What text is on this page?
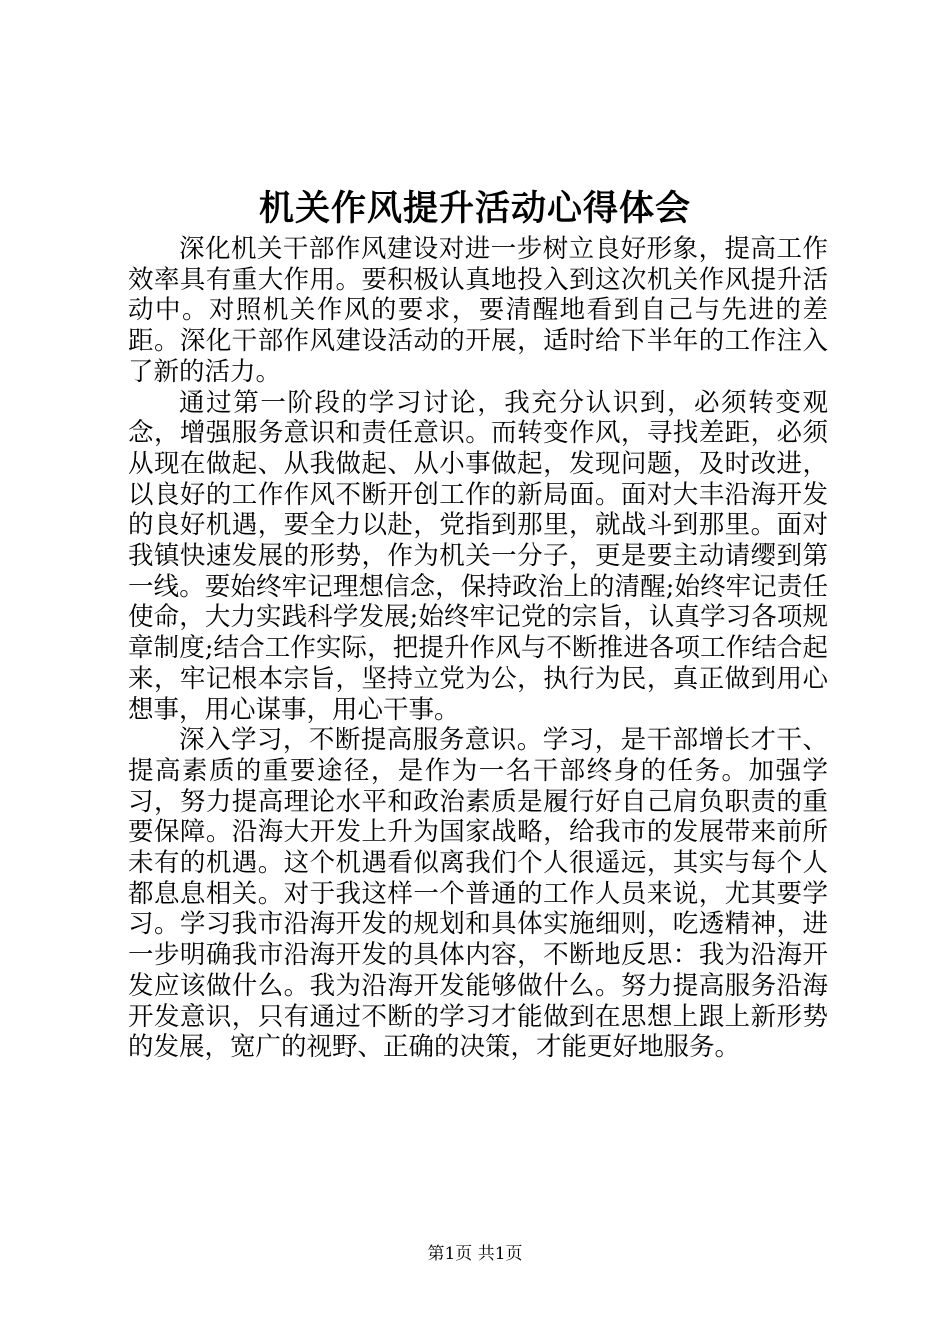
机关作风提升活动心得体会

深化机关干部作风建设对进一步树立良好形象，提高工作效率具有重大作用。要积极认真地投入到这次机关作风提升活动中。对照机关作风的要求，要清醒地看到自己与先进的差距。深化干部作风建设活动的开展，适时给下半年的工作注入了新的活力。

通过第一阶段的学习讨论，我充分认识到，必须转变观念，增强服务意识和责任意识。而转变作风，寻找差距，必须从现在做起、从我做起、从小事做起，发现问题，及时改进，以良好的工作作风不断开创工作的新局面。面对大丰沿海开发的良好机遇，要全力以赴，党指到那里，就战斗到那里。面对我镇快速发展的形势，作为机关一分子，更是要主动请缨到第一线。要始终牢记理想信念，保持政治上的清醒;始终牢记责任使命，大力实践科学发展;始终牢记党的宗旨，认真学习各项规章制度;结合工作实际，把提升作风与不断推进各项工作结合起来，牢记根本宗旨，坚持立党为公，执行为民，真正做到用心想事，用心谋事，用心干事。

深入学习，不断提高服务意识。学习，是干部增长才干、提高素质的重要途径，是作为一名干部终身的任务。加强学习，努力提高理论水平和政治素质是履行好自己肩负职责的重要保障。沿海大开发上升为国家战略，给我市的发展带来前所未有的机遇。这个机遇看似离我们个人很遥远，其实与每个人都息息相关。对于我这样一个普通的工作人员来说，尤其要学习。学习我市沿海开发的规划和具体实施细则，吃透精神，进一步明确我市沿海开发的具体内容，不断地反思：我为沿海开发应该做什么。我为沿海开发能够做什么。努力提高服务沿海开发意识，只有通过不断的学习才能做到在思想上跟上新形势的发展，宽广的视野、正确的决策，才能更好地服务。

第1页 共1页
